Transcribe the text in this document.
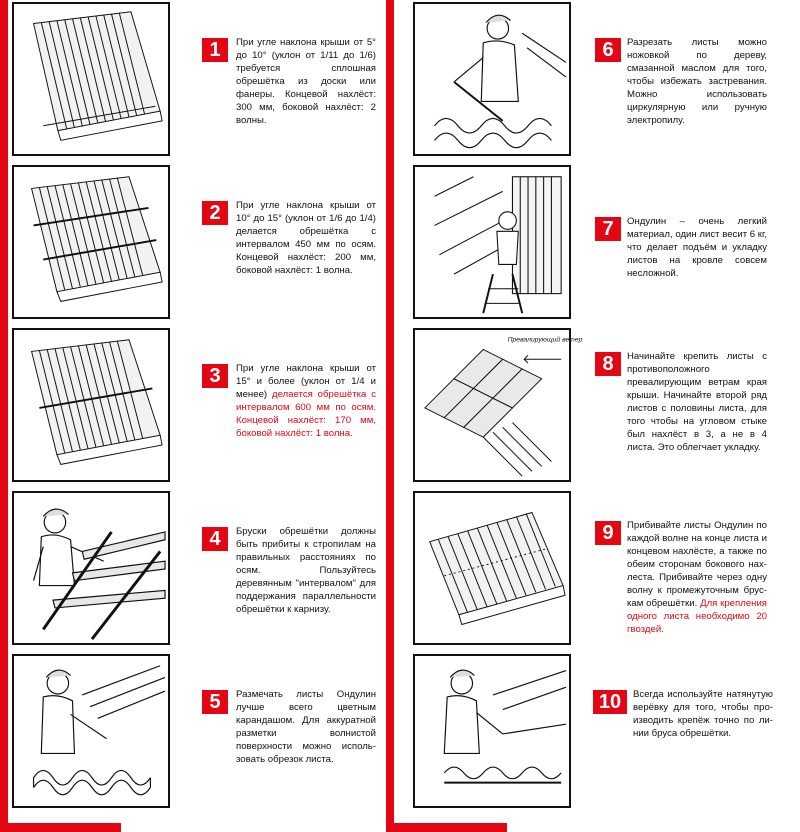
1	При угле наклона крыши от 5° до 10° (уклон от 1/11 до 1/6) требуется сплошная обрешётка из доски или фанеры. Концевой нахлёст: 300 мм, боковой нахлёст: 2 волны.
2	При угле наклона крыши от 10° до 15° (уклон от 1/6 до 1/4) делается обрешётка с интервалом 450 мм по осям. Концевой нахлёст: 200 мм, боковой нахлёст: 1 волна.
3	При угле наклона крыши от 15° и более (уклон от 1/4 и менее) делается обрешётка с интервалом 600 мм по осям. Концевой нахлёст: 170 мм, боковой нахлёст: 1 волна.
4	Бруски обрешётки должны быть прибиты к стропилам на правильных расстояниях по осям. Пользуйтесь деревянным "интервалом" для поддержания параллельности обрешётки к карнизу.
5	Размечать листы Ондулин лучше всего цветным карандашом. Для аккуратной разметки волнистой поверхности можно использовать обрезок листа.
6	Разрезать листы можно ножовкой по дереву, смазанной маслом для того, чтобы избежать застревания. Можно использовать циркулярную или ручную электропилу.
7	Ондулин – очень легкий материал, один лист весит 6 кг, что делает подъём и укладку листов на кровле совсем несложной.
Превалирующий ветер
8	Начинайте крепить листы с противоположного превалирующим ветрам края крыши. Начинайте второй ряд листов с половины листа, для того чтобы на угловом стыке был нахлёст в 3, а не в 4 листа. Это облегчает укладку.
9	Прибивайте листы Ондулин по каждой волне на конце листа и концевом нахлёсте, а также по обеим сторонам бокового нахлеста. Прибивайте через одну волну к промежуточным брускам обрешётки. Для крепления одного листа необходимо 20 гвоздей.
10	Всегда используйте натянутую верёвку для того, чтобы производить крепёж точно по линии бруса обрешётки.
